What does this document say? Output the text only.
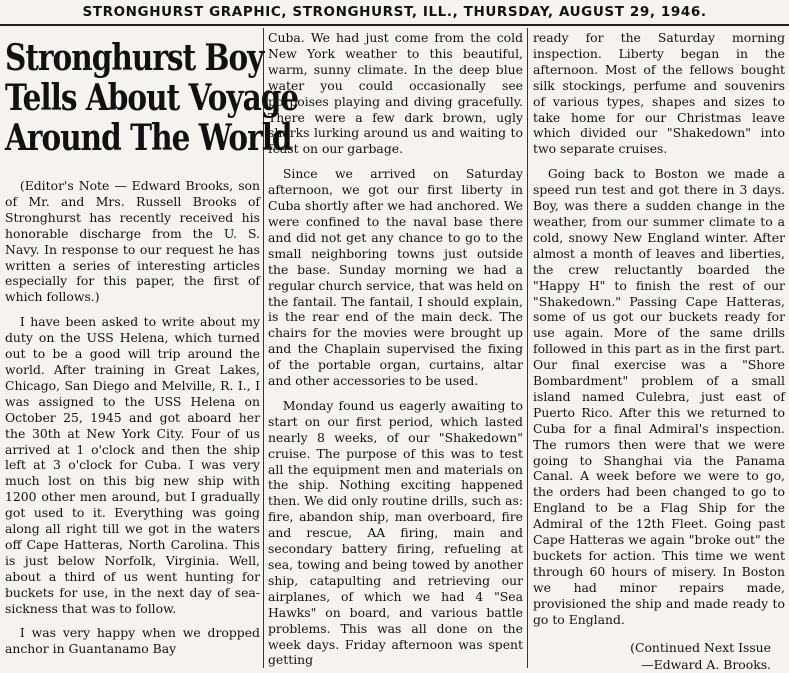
STRONGHURST GRAPHIC, STRONGHURST, ILL., THURSDAY, AUGUST 29, 1946.
Stronghurst Boy
Tells About Voyage
Around The World

(Editor's Note — Edward Brooks, son of Mr. and Mrs. Russell Brooks of Stronghurst has recently received his honorable discharge from the U. S. Navy. In response to our request he has written a series of interesting articles especially for this paper, the first of which follows.)

I have been asked to write about my duty on the USS Helena, which turned out to be a good will trip around the world. After training in Great Lakes, Chicago, San Diego and Melville, R. I., I was assigned to the USS Helena on October 25, 1945 and got aboard her the 30th at New York City. Four of us arrived at 1 o'clock and then the ship left at 3 o'clock for Cuba. I was very much lost on this big new ship with 1200 other men around, but I gradually got used to it. Everything was going along all right till we got in the waters off Cape Hatteras, North Carolina. This is just below Norfolk, Virginia. Well, about a third of us went hunting for buckets for use, in the next day of sea-sickness that was to follow.

I was very happy when we dropped anchor in Guantanamo Bay

Cuba. We had just come from the cold New York weather to this beautiful, warm, sunny climate. In the deep blue water you could occasionally see porpoises playing and diving gracefully. There were a few dark brown, ugly sharks lurking around us and waiting to feast on our garbage.

Since we arrived on Saturday afternoon, we got our first liberty in Cuba shortly after we had anchored. We were confined to the naval base there and did not get any chance to go to the small neighboring towns just outside the base. Sunday morning we had a regular church service, that was held on the fantail. The fantail, I should explain, is the rear end of the main deck. The chairs for the movies were brought up and the Chaplain supervised the fixing of the portable organ, curtains, altar and other accessories to be used.

Monday found us eagerly awaiting to start on our first period, which lasted nearly 8 weeks, of our "Shakedown" cruise. The purpose of this was to test all the equipment men and materials on the ship. Nothing exciting happened then. We did only routine drills, such as: fire, abandon ship, man overboard, fire and rescue, AA firing, main and secondary battery firing, refueling at sea, towing and being towed by another ship, catapulting and retrieving our airplanes, of which we had 4 "Sea Hawks" on board, and various battle problems. This was all done on the week days. Friday afternoon was spent getting

ready for the Saturday morning inspection. Liberty began in the afternoon. Most of the fellows bought silk stockings, perfume and souvenirs of various types, shapes and sizes to take home for our Christmas leave which divided our "Shakedown" into two separate cruises.

Going back to Boston we made a speed run test and got there in 3 days. Boy, was there a sudden change in the weather, from our summer climate to a cold, snowy New England winter. After almost a month of leaves and liberties, the crew reluctantly boarded the "Happy H" to finish the rest of our "Shakedown." Passing Cape Hatteras, some of us got our buckets ready for use again. More of the same drills followed in this part as in the first part. Our final exercise was a "Shore Bombardment" problem of a small island named Culebra, just east of Puerto Rico. After this we returned to Cuba for a final Admiral's inspection. The rumors then were that we were going to Shanghai via the Panama Canal. A week before we were to go, the orders had been changed to go to England to be a Flag Ship for the Admiral of the 12th Fleet. Going past Cape Hatteras we again "broke out" the buckets for action. This time we went through 60 hours of misery. In Boston we had minor repairs made, provisioned the ship and made ready to go to England.

(Continued Next Issue

—Edward A. Brooks.
